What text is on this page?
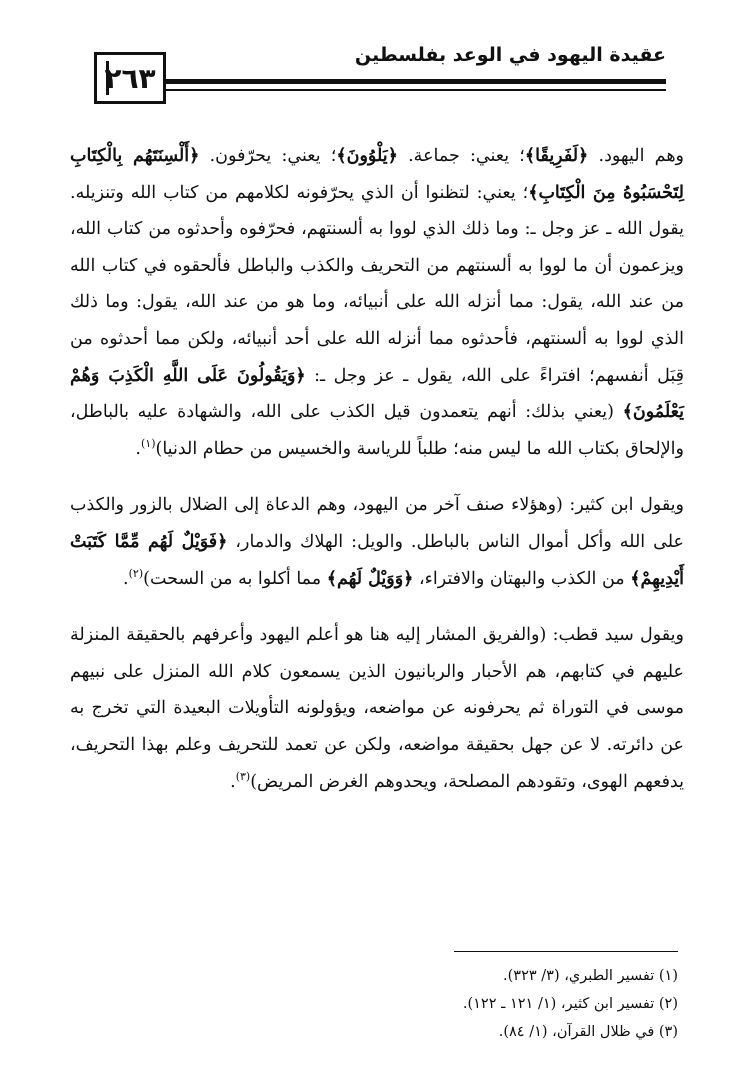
٢٦٣
عقيدة اليهود في الوعد بفلسطين

وهم اليهود. ﴿لَفَرِيقًا﴾؛ يعني: جماعة. ﴿يَلْوُونَ﴾؛ يعني: يحرّفون. ﴿أَلْسِنَتَهُم بِالْكِتَابِ لِتَحْسَبُوهُ مِنَ الْكِتَابِ﴾؛ يعني: لتظنوا أن الذي يحرّفونه لكلامهم من كتاب الله وتنزيله. يقول الله ـ عز وجل ـ: وما ذلك الذي لووا به ألسنتهم، فحرّفوه وأحدثوه من كتاب الله، ويزعمون أن ما لووا به ألسنتهم من التحريف والكذب والباطل فألحقوه في كتاب الله من عند الله، يقول: مما أنزله الله على أنبيائه، وما هو من عند الله، يقول: وما ذلك الذي لووا به ألسنتهم، فأحدثوه مما أنزله الله على أحد أنبيائه، ولكن مما أحدثوه من قِبَل أنفسهم؛ افتراءً على الله، يقول ـ عز وجل ـ: ﴿وَيَقُولُونَ عَلَى اللَّهِ الْكَذِبَ وَهُمْ يَعْلَمُونَ﴾ (يعني بذلك: أنهم يتعمدون قيل الكذب على الله، والشهادة عليه بالباطل، والإلحاق بكتاب الله ما ليس منه؛ طلباً للرياسة والخسيس من حطام الدنيا)$^{(١)}$.

ويقول ابن كثير: (وهؤلاء صنف آخر من اليهود، وهم الدعاة إلى الضلال بالزور والكذب على الله وأكل أموال الناس بالباطل. والويل: الهلاك والدمار، ﴿فَوَيْلٌ لَهُم مِّمَّا كَتَبَتْ أَيْدِيهِمْ﴾ من الكذب والبهتان والافتراء، ﴿وَوَيْلٌ لَهُم﴾ مما أكلوا به من السحت)$^{(٢)}$.

ويقول سيد قطب: (والفريق المشار إليه هنا هو أعلم اليهود وأعرفهم بالحقيقة المنزلة عليهم في كتابهم، هم الأحبار والربانيون الذين يسمعون كلام الله المنزل على نبيهم موسى في التوراة ثم يحرفونه عن مواضعه، ويؤولونه التأويلات البعيدة التي تخرج به عن دائرته. لا عن جهل بحقيقة مواضعه، ولكن عن تعمد للتحريف وعلم بهذا التحريف، يدفعهم الهوى، وتقودهم المصلحة، ويحدوهم الغرض المريض)$^{(٣)}$.

(١) تفسير الطبري، (٣/ ٣٢٣).
(٢) تفسير ابن كثير، (١/ ١٢١ ـ ١٢٢).
(٣) في ظلال القرآن، (١/ ٨٤).
